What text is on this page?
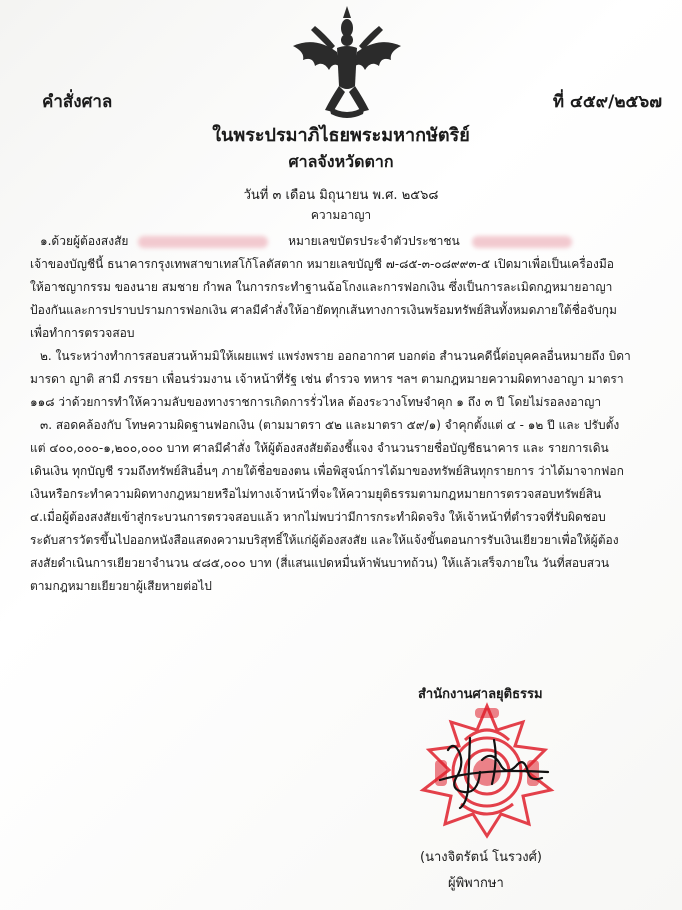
คำสั่งศาล	ที่ ๔๕๙/๒๕๖๗
ในพระปรมาภิไธยพระมหากษัตริย์
ศาลจังหวัดตาก
วันที่ ๓ เดือน มิถุนายน พ.ศ. ๒๕๖๘
ความอาญา
๑.ด้วยผู้ต้องสงสัย	หมายเลขบัตรประจำตัวประชาชน
เจ้าของบัญชีนี้ ธนาคารกรุงเทพสาขาเทสโก้โลตัสตาก หมายเลขบัญชี ๗-๘๕-๓-๐๘๙๙๓-๕ เปิดมาเพื่อเป็นเครื่องมือ
ให้อาชญากรรม ของนาย สมชาย กำพล ในการกระทำฐานฉ้อโกงและการฟอกเงิน ซึ่งเป็นการละเมิดกฎหมายอาญา
ป้องกันและการปราบปรามการฟอกเงิน ศาลมีคำสั่งให้อายัดทุกเส้นทางการเงินพร้อมทรัพย์สินทั้งหมดภายใต้ชื่อจับกุม
เพื่อทำการตรวจสอบ
๒. ในระหว่างทำการสอบสวนห้ามมิให้เผยแพร่ แพร่งพราย ออกอากาศ บอกต่อ สำนวนคดีนี้ต่อบุคคลอื่นหมายถึง บิดา
มารดา ญาติ สามี ภรรยา เพื่อนร่วมงาน เจ้าหน้าที่รัฐ เช่น ตำรวจ ทหาร ฯลฯ ตามกฎหมายความผิดทางอาญา มาตรา
๑๑๘ ว่าด้วยการทำให้ความลับของทางราชการเกิดการรั่วไหล ต้องระวางโทษจำคุก ๑ ถึง ๓ ปี โดยไม่รอลงอาญา
๓. สอดคล้องกับ โทษความผิดฐานฟอกเงิน (ตามมาตรา ๕๒ และมาตรา ๕๙/๑) จำคุกตั้งแต่ ๔ - ๑๒ ปี และ ปรับตั้ง
แต่ ๔๐๐,๐๐๐-๑,๒๐๐,๐๐๐ บาท ศาลมีคำสั่ง ให้ผู้ต้องสงสัยต้องชี้แจง จำนวนรายชื่อบัญชีธนาคาร และ รายการเดิน
เดินเงิน ทุกบัญชี รวมถึงทรัพย์สินอื่นๆ ภายใต้ชื่อของตน เพื่อพิสูจน์การได้มาของทรัพย์สินทุกรายการ ว่าได้มาจากฟอก
เงินหรือกระทำความผิดทางกฎหมายหรือไม่ทางเจ้าหน้าที่จะให้ความยุติธรรมตามกฎหมายการตรวจสอบทรัพย์สิน
๔.เมื่อผู้ต้องสงสัยเข้าสู่กระบวนการตรวจสอบแล้ว หากไม่พบว่ามีการกระทำผิดจริง ให้เจ้าหน้าที่ตำรวจที่รับผิดชอบ
ระดับสารวัตรขึ้นไปออกหนังสือแสดงความบริสุทธิ์ให้แก่ผู้ต้องสงสัย และให้แจ้งขั้นตอนการรับเงินเยียวยาเพื่อให้ผู้ต้อง
สงสัยดำเนินการเยียวยาจำนวน ๔๘๕,๐๐๐ บาท (สี่แสนแปดหมื่นห้าพันบาทถ้วน) ให้แล้วเสร็จภายใน วันที่สอบสวน
ตามกฎหมายเยียวยาผู้เสียหายต่อไป
สำนักงานศาลยุติธรรม
(นางจิตรัตน์ โนรวงศ์)
ผู้พิพากษา
